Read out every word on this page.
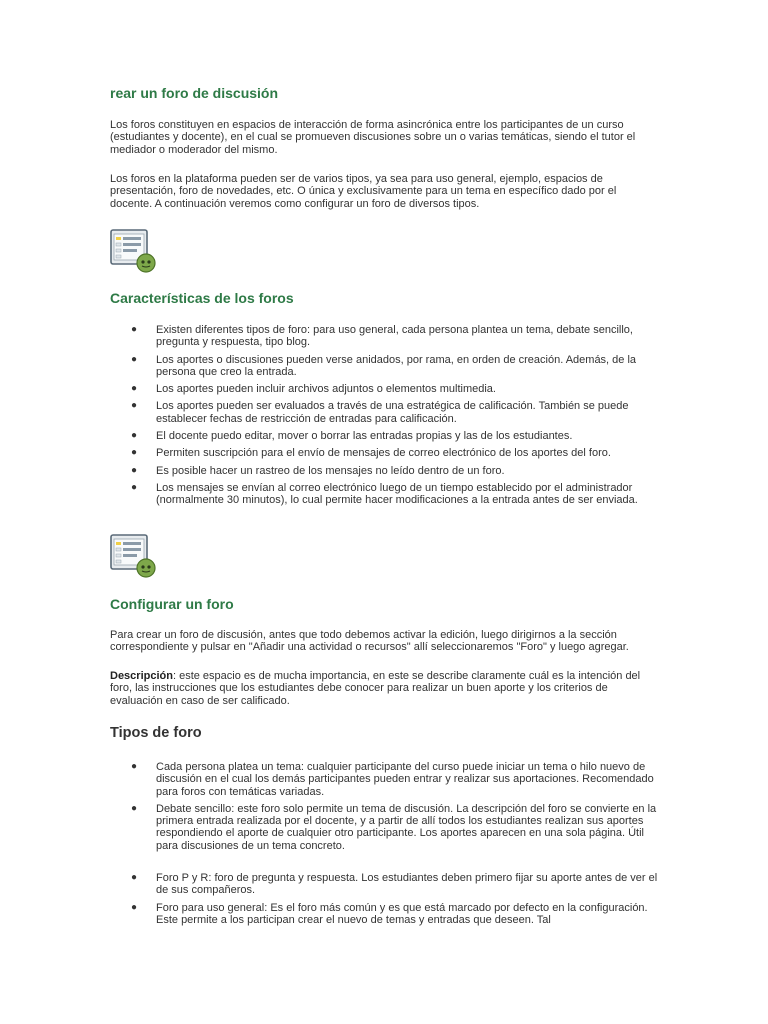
rear un foro de discusión

Los foros constituyen en espacios de interacción de forma asincrónica entre los participantes de un curso (estudiantes y docente), en el cual se promueven discusiones sobre un o varias temáticas, siendo el tutor el mediador o moderador del mismo.

Los foros en la plataforma pueden ser de varios tipos, ya sea para uso general, ejemplo, espacios de presentación, foro de novedades, etc. O única y exclusivamente para un tema en específico dado por el docente. A continuación veremos como configurar un foro de diversos tipos.

Características de los foros
● Existen diferentes tipos de foro: para uso general, cada persona plantea un tema, debate sencillo, pregunta y respuesta, tipo blog.
● Los aportes o discusiones pueden verse anidados, por rama, en orden de creación. Además, de la persona que creo la entrada.
● Los aportes pueden incluir archivos adjuntos o elementos multimedia.
● Los aportes pueden ser evaluados a través de una estratégica de calificación. También se puede establecer fechas de restricción de entradas para calificación.
● El docente puedo editar, mover o borrar las entradas propias y las de los estudiantes.
● Permiten suscripción para el envío de mensajes de correo electrónico de los aportes del foro.
● Es posible hacer un rastreo de los mensajes no leído dentro de un foro.
● Los mensajes se envían al correo electrónico luego de un tiempo establecido por el administrador (normalmente 30 minutos), lo cual permite hacer modificaciones a la entrada antes de ser enviada.
Configurar un foro

Para crear un foro de discusión, antes que todo debemos activar la edición, luego dirigirnos a la sección correspondiente y pulsar en "Añadir una actividad o recursos" allí seleccionaremos "Foro" y luego agregar.

Descripción: este espacio es de mucha importancia, en este se describe claramente cuál es la intención del foro, las instrucciones que los estudiantes debe conocer para realizar un buen aporte y los criterios de evaluación en caso de ser calificado.

Tipos de foro
● Cada persona platea un tema: cualquier participante del curso puede iniciar un tema o hilo nuevo de discusión en el cual los demás participantes pueden entrar y realizar sus aportaciones. Recomendado para foros con temáticas variadas.
● Debate sencillo: este foro solo permite un tema de discusión. La descripción del foro se convierte en la primera entrada realizada por el docente, y a partir de allí todos los estudiantes realizan sus aportes respondiendo el aporte de cualquier otro participante. Los aportes aparecen en una sola página. Útil para discusiones de un tema concreto.
● Foro P y R: foro de pregunta y respuesta. Los estudiantes deben primero fijar su aporte antes de ver el de sus compañeros.
● Foro para uso general: Es el foro más común y es que está marcado por defecto en la configuración. Este permite a los participan crear el nuevo de temas y entradas que deseen. Tal
